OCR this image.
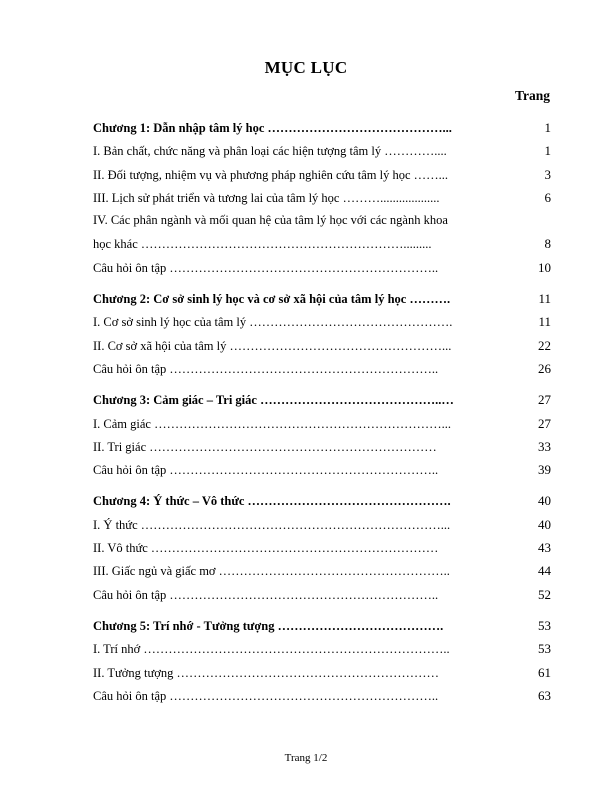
MỤC LỤC
Trang
Chương 1: Dẫn nhập tâm lý học ……………………………………...	1
I. Bản chất, chức năng và phân loại các hiện tượng tâm lý …………....	1
II. Đối tượng, nhiệm vụ và phương pháp nghiên cứu tâm lý học ……...	3
III. Lịch sử phát triển và tương lai của tâm lý học ………...................	6
IV. Các phân ngành và mối quan hệ của tâm lý học với các ngành khoa
học khác ……………………………………………………….........	8
Câu hỏi ôn tập ………………………………………………………..	10
Chương 2: Cơ sở sinh lý học và cơ sở xã hội của tâm lý học ……….	11
I. Cơ sở sinh lý học của tâm lý ………………………………………….	11
II. Cơ sở xã hội của tâm lý ……………………………………………...	22
Câu hỏi ôn tập ………………………………………………………..	26
Chương 3: Cảm giác – Tri giác ……………………………………..…	27
I. Cảm giác ……………………………………………………………...	27
II. Tri giác ……………………………………………………………	33
Câu hỏi ôn tập ………………………………………………………..	39
Chương 4: Ý thức – Vô thức ………………………………………….	40
I. Ý thức ………………………………………………………………...	40
II. Vô thức ……………………………………………………………	43
III. Giấc ngủ và giấc mơ ………………………………………………..	44
Câu hỏi ôn tập ………………………………………………………..	52
Chương 5: Trí nhớ - Tưởng tượng ………………………………….	53
I. Trí nhớ ………………………………………………………………..	53
II. Tưởng tượng ………………………………………………………	61
Câu hỏi ôn tập ………………………………………………………..	63
Trang 1/2
